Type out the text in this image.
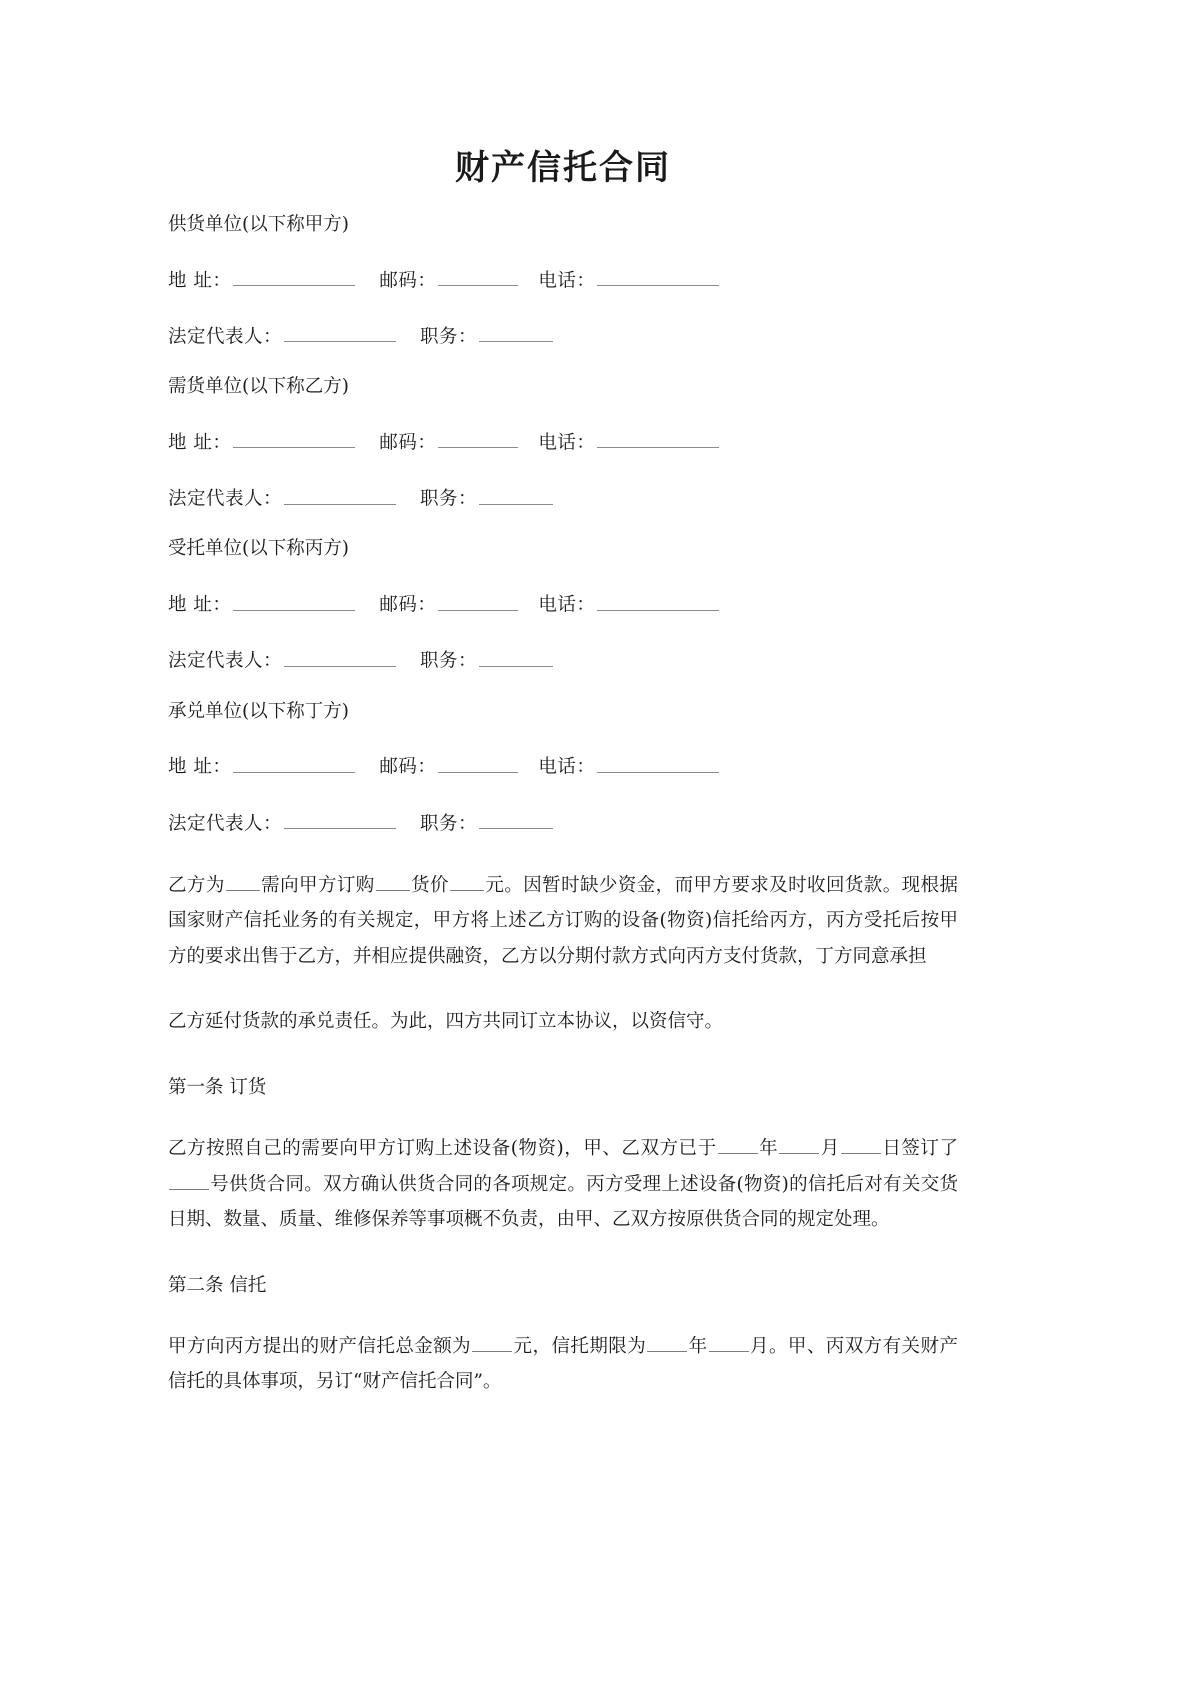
财产信托合同

供货单位(以下称甲方)

地 址：	邮码：	电话：

法定代表人：	职务：

需货单位(以下称乙方)

地 址：	邮码：	电话：

法定代表人：	职务：

受托单位(以下称丙方)

地 址：	邮码：	电话：

法定代表人：	职务：

承兑单位(以下称丁方)

地 址：	邮码：	电话：

法定代表人：	职务：

乙方为 需向甲方订购 货价 元。因暂时缺少资金，而甲方要求及时收回货款。现根据国家财产信托业务的有关规定，甲方将上述乙方订购的设备(物资)信托给丙方，丙方受托后按甲方的要求出售于乙方，并相应提供融资，乙方以分期付款方式向丙方支付货款，丁方同意承担

乙方延付货款的承兑责任。为此，四方共同订立本协议，以资信守。

第一条 订货

乙方按照自己的需要向甲方订购上述设备(物资)，甲、乙双方已于 年 月 日签订了号供货合同。双方确认供货合同的各项规定。丙方受理上述设备(物资)的信托后对有关交货日期、数量、质量、维修保养等事项概不负责，由甲、乙双方按原供货合同的规定处理。

第二条 信托

甲方向丙方提出的财产信托总金额为 元，信托期限为 年 月。甲、丙双方有关财产信托的具体事项，另订“财产信托合同”。
